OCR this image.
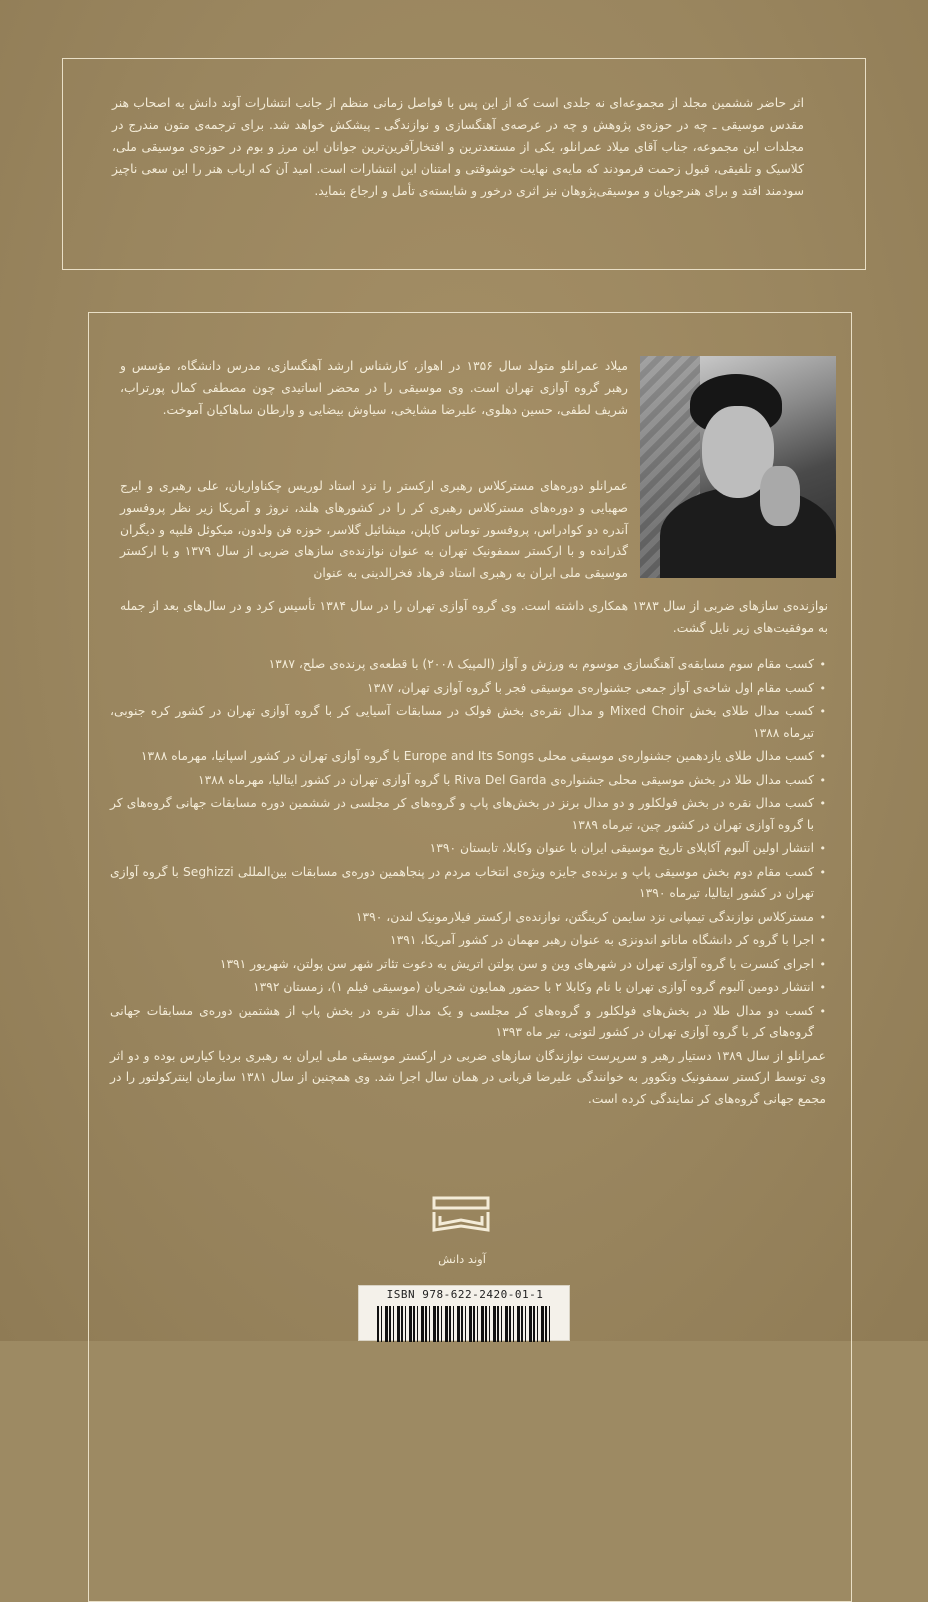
اثر حاضر ششمین مجلد از مجموعه‌ای نه جلدی است که از این پس با فواصل زمانی منظم از جانب انتشارات آوند دانش به اصحاب هنر مقدس موسیقی ـ چه در حوزه‌ی پژوهش و چه در عرصه‌ی آهنگسازی و نوازندگی ـ پیشکش خواهد شد. برای ترجمه‌ی متون مندرج در مجلدات این مجموعه، جناب آقای میلاد عمرانلو، یکی از مستعدترین و افتخارآفرین‌ترین جوانان این مرز و بوم در حوزه‌ی موسیقی ملی، کلاسیک و تلفیقی، قبول زحمت فرمودند که مایه‌ی نهایت خوشوقتی و امتنان این انتشارات است. امید آن که ارباب هنر را این سعی ناچیز سودمند افتد و برای هنرجویان و موسیقی‌پژوهان نیز اثری درخور و شایسته‌ی تأمل و ارجاع بنماید.
میلاد عمرانلو متولد سال ۱۳۵۶ در اهواز، کارشناس ارشد آهنگسازی، مدرس دانشگاه، مؤسس و رهبر گروه آوازی تهران است. وی موسیقی را در محضر اساتیدی چون مصطفی کمال پورتراب، شریف لطفی، حسین دهلوی، علیرضا مشایخی، سیاوش بیضایی و وارطان ساهاکیان آموخت.
عمرانلو دوره‌های مسترکلاس رهبری ارکستر را نزد استاد لوریس چکناواریان، علی رهبری و ایرج صهبایی و دوره‌های مسترکلاس رهبری کر را در کشورهای هلند، نروژ و آمریکا زیر نظر پروفسور آندره دو کوادراس، پروفسور توماس کاپلن، میشائیل گلاسر، خوزه فن ولدون، میکوئل فلیپه و دیگران گذرانده و با ارکستر سمفونیک تهران به عنوان نوازنده‌ی سازهای ضربی از سال ۱۳۷۹ و با ارکستر موسیقی ملی ایران به رهبری استاد فرهاد فخرالدینی به عنوان
نوازنده‌ی سازهای ضربی از سال ۱۳۸۳ همکاری داشته است. وی گروه آوازی تهران را در سال ۱۳۸۴ تأسیس کرد و در سال‌های بعد از جمله به موفقیت‌های زیر نایل گشت.
• کسب مقام سوم مسابقه‌ی آهنگسازی موسوم به ورزش و آواز (المپیک ۲۰۰۸) با قطعه‌ی پرنده‌ی صلح، ۱۳۸۷
• کسب مقام اول شاخه‌ی آواز جمعی جشنواره‌ی موسیقی فجر با گروه آوازی تهران، ۱۳۸۷
• کسب مدال طلای بخش Mixed Choir و مدال نقره‌ی بخش فولک در مسابقات آسیایی کر با گروه آوازی تهران در کشور کره جنوبی، تیرماه ۱۳۸۸
• کسب مدال طلای یازدهمین جشنواره‌ی موسیقی محلی Europe and Its Songs با گروه آوازی تهران در کشور اسپانیا، مهرماه ۱۳۸۸
• کسب مدال طلا در بخش موسیقی محلی جشنواره‌ی Riva Del Garda با گروه آوازی تهران در کشور ایتالیا، مهرماه ۱۳۸۸
• کسب مدال نقره در بخش فولکلور و دو مدال برنز در بخش‌های پاپ و گروه‌های کر مجلسی در ششمین دوره مسابقات جهانی گروه‌های کر با گروه آوازی تهران در کشور چین، تیرماه ۱۳۸۹
• انتشار اولین آلبوم آکاپلای تاریخ موسیقی ایران با عنوان وکابلا، تابستان ۱۳۹۰
• کسب مقام دوم بخش موسیقی پاپ و برنده‌ی جایزه ویژه‌ی انتخاب مردم در پنجاهمین دوره‌ی مسابقات بین‌المللی Seghizzi با گروه آوازی تهران در کشور ایتالیا، تیرماه ۱۳۹۰
• مسترکلاس نوازندگی تیمپانی نزد سایمن کرینگتن، نوازنده‌ی ارکستر فیلارمونیک لندن، ۱۳۹۰
• اجرا با گروه کر دانشگاه ماناتو اندونزی به عنوان رهبر مهمان در کشور آمریکا، ۱۳۹۱
• اجرای کنسرت با گروه آوازی تهران در شهرهای وین و سن پولتن اتریش به دعوت تئاتر شهر سن پولتن، شهریور ۱۳۹۱
• انتشار دومین آلبوم گروه آوازی تهران با نام وکابلا ۲ با حضور همایون شجریان (موسیقی فیلم ۱)، زمستان ۱۳۹۲
• کسب دو مدال طلا در بخش‌های فولکلور و گروه‌های کر مجلسی و یک مدال نقره در بخش پاپ از هشتمین دوره‌ی مسابقات جهانی گروه‌های کر با گروه آوازی تهران در کشور لتونی، تیر ماه ۱۳۹۳
عمرانلو از سال ۱۳۸۹ دستیار رهبر و سرپرست نوازندگان سازهای ضربی در ارکستر موسیقی ملی ایران به رهبری بردیا کیارس بوده و دو اثر وی توسط ارکستر سمفونیک ونکوور به خوانندگی علیرضا قربانی در همان سال اجرا شد. وی همچنین از سال ۱۳۸۱ سازمان اینترکولتور را در مجمع جهانی گروه‌های کر نمایندگی کرده است.
آوند دانش
ISBN 978-622-2420-01-1
